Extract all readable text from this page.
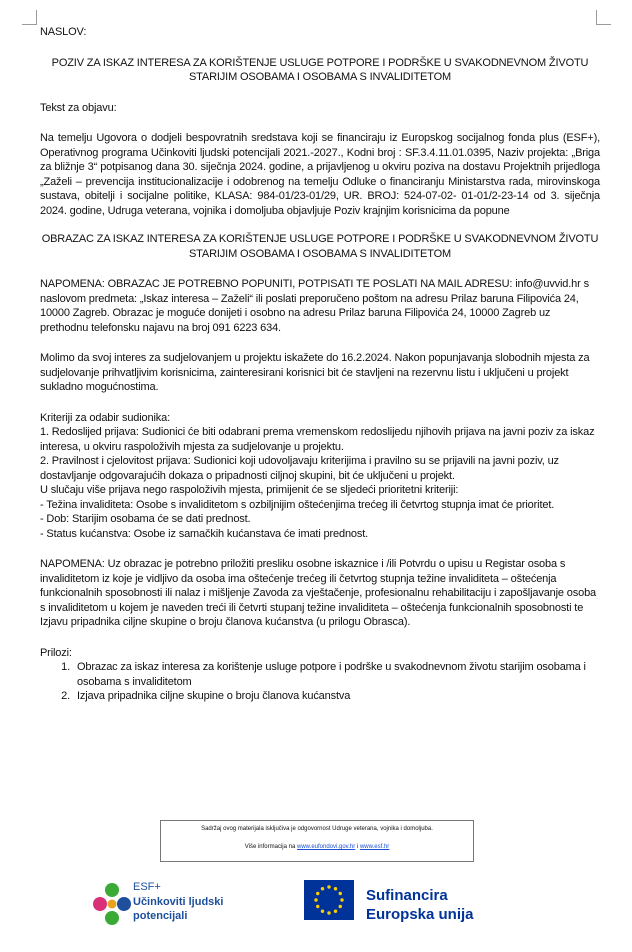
NASLOV:

POZIV ZA ISKAZ INTERESA ZA KORIŠTENJE USLUGE POTPORE I PODRŠKE U SVAKODNEVNOM ŽIVOTU

STARIJIM OSOBAMA I OSOBAMA S INVALIDITETOM

Tekst za objavu:

Na temelju Ugovora o dodjeli bespovratnih sredstava koji se financiraju iz Europskog socijalnog fonda plus (ESF+), Operativnog programa Učinkoviti ljudski potencijali 2021.-2027., Kodni broj : SF.3.4.11.01.0395, Naziv projekta: „Briga za bližnje 3“ potpisanog dana 30. siječnja 2024. godine, a prijavljenog u okviru poziva na dostavu Projektnih prijedloga „Zaželi – prevencija institucionalizacije i odobrenog na temelju Odluke o financiranju Ministarstva rada, mirovinskoga sustava, obitelji i socijalne politike, KLASA: 984-01/23-01/29, UR. BROJ: 524-07-02- 01-01/2-23-14 od 3. siječnja 2024. godine, Udruga veterana, vojnika i domoljuba objavljuje Poziv krajnjim korisnicima da popune

OBRAZAC ZA ISKAZ INTERESA ZA KORIŠTENJE USLUGE POTPORE I PODRŠKE U SVAKODNEVNOM ŽIVOTU

STARIJIM OSOBAMA I OSOBAMA S INVALIDITETOM

NAPOMENA: OBRAZAC JE POTREBNO POPUNITI, POTPISATI TE POSLATI NA MAIL ADRESU: info@uvvid.hr s naslovom predmeta: „Iskaz interesa – Zaželi“ ili poslati preporučeno poštom na adresu Prilaz baruna Filipovića 24, 10000 Zagreb. Obrazac je moguće donijeti i osobno na adresu Prilaz baruna Filipovića 24, 10000 Zagreb uz prethodnu telefonsku najavu na broj 091 6223 634.

Molimo da svoj interes za sudjelovanjem u projektu iskažete do 16.2.2024. Nakon popunjavanja slobodnih mjesta za sudjelovanje prihvatljivim korisnicima, zainteresirani korisnici bit će stavljeni na rezervnu listu i uključeni u projekt sukladno mogućnostima.

Kriteriji za odabir sudionika:

1. Redoslijed prijava: Sudionici će biti odabrani prema vremenskom redoslijedu njihovih prijava na javni poziv za iskaz interesa, u okviru raspoloživih mjesta za sudjelovanje u projektu.

2. Pravilnost i cjelovitost prijava: Sudionici koji udovoljavaju kriterijima i pravilno su se prijavili na javni poziv, uz dostavljanje odgovarajućih dokaza o pripadnosti ciljnoj skupini, bit će uključeni u projekt.

U slučaju više prijava nego raspoloživih mjesta, primijenit će se sljedeći prioritetni kriteriji:

- Težina invaliditeta: Osobe s invaliditetom s ozbiljnijim oštećenjima trećeg ili četvrtog stupnja imat će prioritet.

- Dob: Starijim osobama će se dati prednost.

- Status kućanstva: Osobe iz samačkih kućanstava će imati prednost.

NAPOMENA: Uz obrazac je potrebno priložiti presliku osobne iskaznice i /ili Potvrdu o upisu u Registar osoba s invaliditetom iz koje je vidljivo da osoba ima oštećenje trećeg ili četvrtog stupnja težine invaliditeta – oštećenja funkcionalnih sposobnosti ili nalaz i mišljenje Zavoda za vještačenje, profesionalnu rehabilitaciju i zapošljavanje osoba s invaliditetom u kojem je naveden treći ili četvrti stupanj težine invaliditeta – oštećenja funkcionalnih sposobnosti te Izjavu pripadnika ciljne skupine o broju članova kućanstva (u prilogu Obrasca).

Prilozi:

1. Obrazac za iskaz interesa za korištenje usluge potpore i podrške u svakodnevnom životu starijim osobama i osobama s invaliditetom
2. Izjava pripadnika ciljne skupine o broju članova kućanstva
Sadržaj ovog materijala isključiva je odgovornost Udruge veterana, vojnika i domoljuba.
Više informacija na www.eufondovi.gov.hr i www.esf.hr
ESF+
Učinkoviti ljudski
potencijali
Sufinancira
Europska unija
